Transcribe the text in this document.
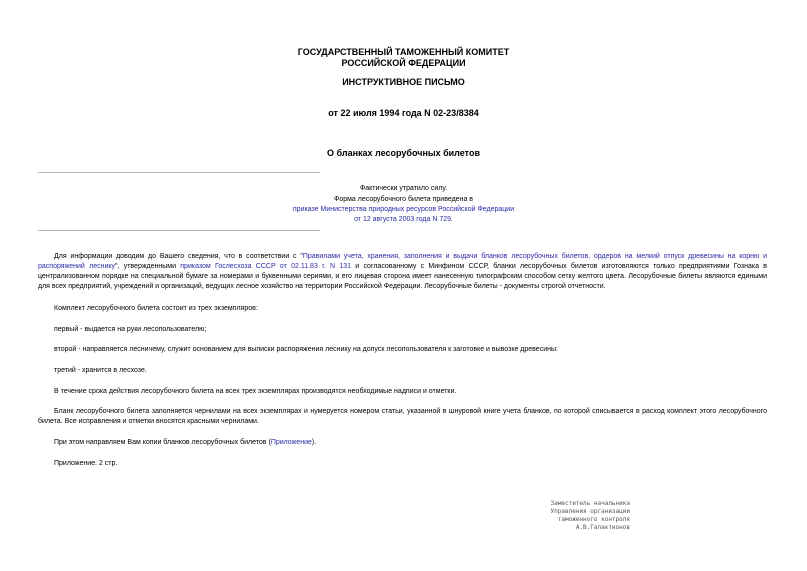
ГОСУДАРСТВЕННЫЙ ТАМОЖЕННЫЙ КОМИТЕТ
РОССИЙСКОЙ ФЕДЕРАЦИИ
ИНСТРУКТИВНОЕ ПИСЬМО
от 22 июля 1994 года N 02-23/8384
О бланках лесорубочных билетов
Фактически утратило силу.
Форма лесорубочного билета приведена в
приказе Министерства природных ресурсов Российской Федерации
от 12 августа 2003 года N 729.
Для информации доводим до Вашего сведения, что в соответствии с "Правилами учета, хранения, заполнения и выдачи бланков лесорубочных билетов, ордеров на мелкий отпуск древесины на корню и распоряжений леснику", утвержденными приказом Гослесхоза СССР от 02.11.83 г. N 131 и согласованному с Минфином СССР, бланки лесорубочных билетов изготовляются только предприятиями Гознака в централизованном порядке на специальной бумаге за номерами и буквенными сериями, и его лицевая сторона имеет нанесенную типографским способом сетку желтого цвета. Лесорубочные билеты являются едиными для всех предприятий, учреждений и организаций, ведущих лесное хозяйство на территории Российской Федерации. Лесорубочные билеты - документы строгой отчетности.
Комплект лесорубочного билета состоит из трех экземпляров:
первый - выдается на руки лесопользователю;
второй - направляется лесничему, служит основанием для выписки распоряжения леснику на допуск лесопользователя к заготовке и вывозке древесины:
третий - хранится в лесхозе.
В течение срока действия лесорубочного билета на всех трех экземплярах производятся необходимые надписи и отметки.
Бланк лесорубочного билета заполняется чернилами на всех экземплярах и нумеруется номером статьи, указанной в шнуровой книге учета бланков, по которой списывается в расход комплект этого лесорубочного билета. Все исправления и отметки вносятся красными чернилами.
При этом направляем Вам копии бланков лесорубочных билетов (Приложение).
Приложение: 2 стр.
Заместитель начальника
Управления организации
таможенного контроля
А.В.Галактионов
